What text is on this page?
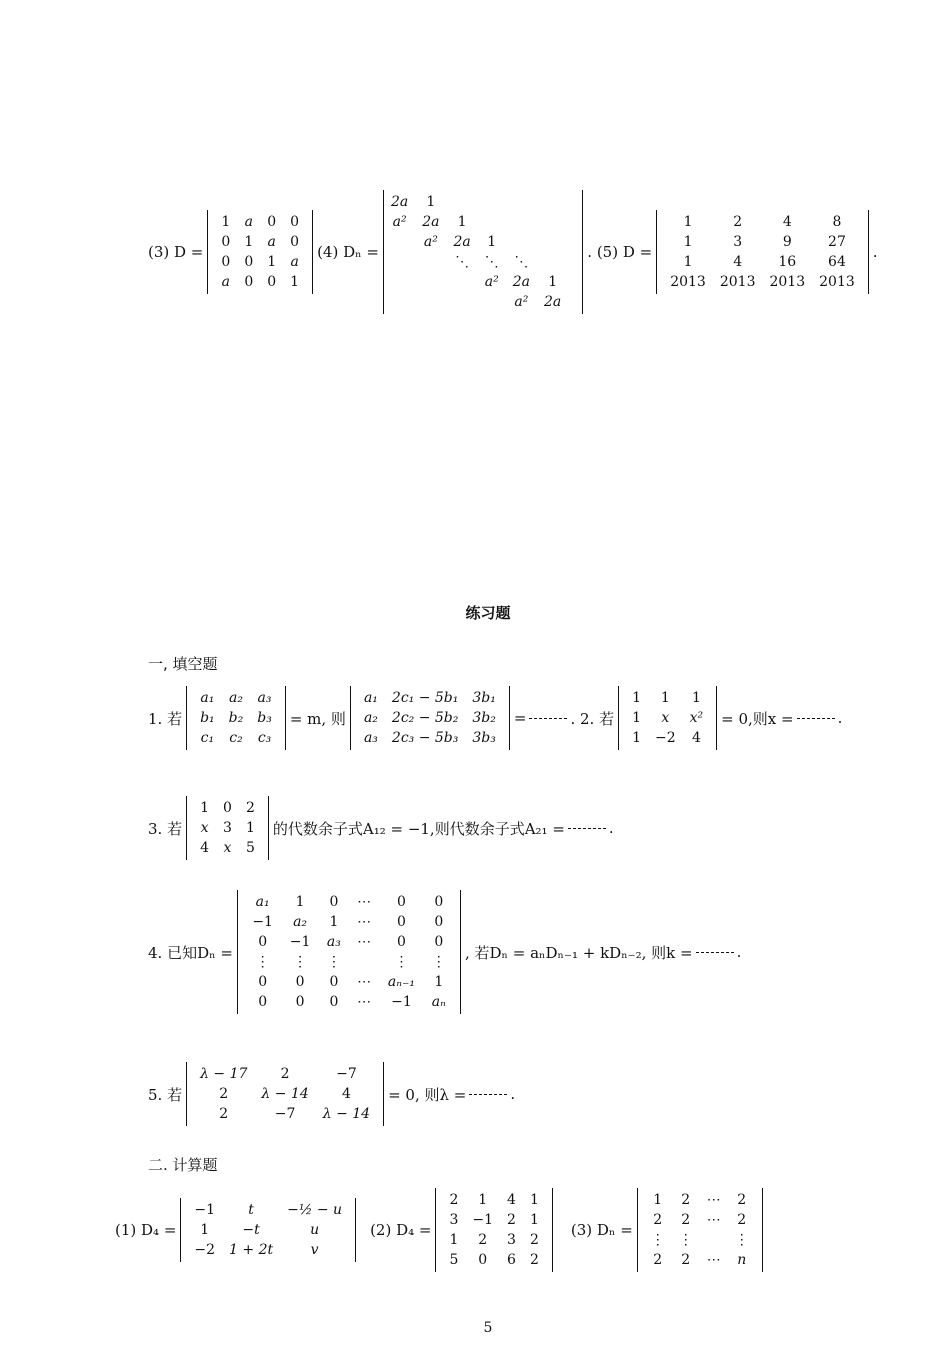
(3) D =
1	a	0	0
0	1	a	0
0	0	1	a
a	0	0	1
(4) Dₙ =
2a	1					
a²	2a	1				
	a²	2a	1			
		⋱	⋱	⋱		
			a²	2a	1	
				a²	2a	
. (5) D =
1	2	4	8
1	3	9	27
1	4	16	64
2013	2013	2013	2013
.
练习题
一, 填空题
1. 若
a₁	a₂	a₃
b₁	b₂	b₃
c₁	c₂	c₃
= m, 则
a₁	2c₁ − 5b₁	3b₁
a₂	2c₂ − 5b₂	3b₂
a₃	2c₃ − 5b₃	3b₃
=	. 2. 若
1	1	1
1	x	x²
1	−2	4
= 0,则x =	.
3. 若
1	0	2
x	3	1
4	x	5
的代数余子式A₁₂ = −1,则代数余子式A₂₁ =	.
4. 已知Dₙ =
a₁	1	0	⋯	0	0
−1	a₂	1	⋯	0	0
0	−1	a₃	⋯	0	0
⋮	⋮	⋮		⋮	⋮
0	0	0	⋯	aₙ₋₁	1
0	0	0	⋯	−1	aₙ
, 若Dₙ = aₙDₙ₋₁ + kDₙ₋₂, 则k =	.
5. 若
λ − 17	2	−7
2	λ − 14	4
2	−7	λ − 14
= 0, 则λ =	.
二. 计算题
(1) D₄ =
−1	t	−½ − u
1	−t	u
−2	1 + 2t	v
(2) D₄ =
2	1	4	1
3	−1	2	1
1	2	3	2
5	0	6	2
(3) Dₙ =
1	2	⋯	2
2	2	⋯	2
⋮	⋮		⋮
2	2	⋯	n
5
